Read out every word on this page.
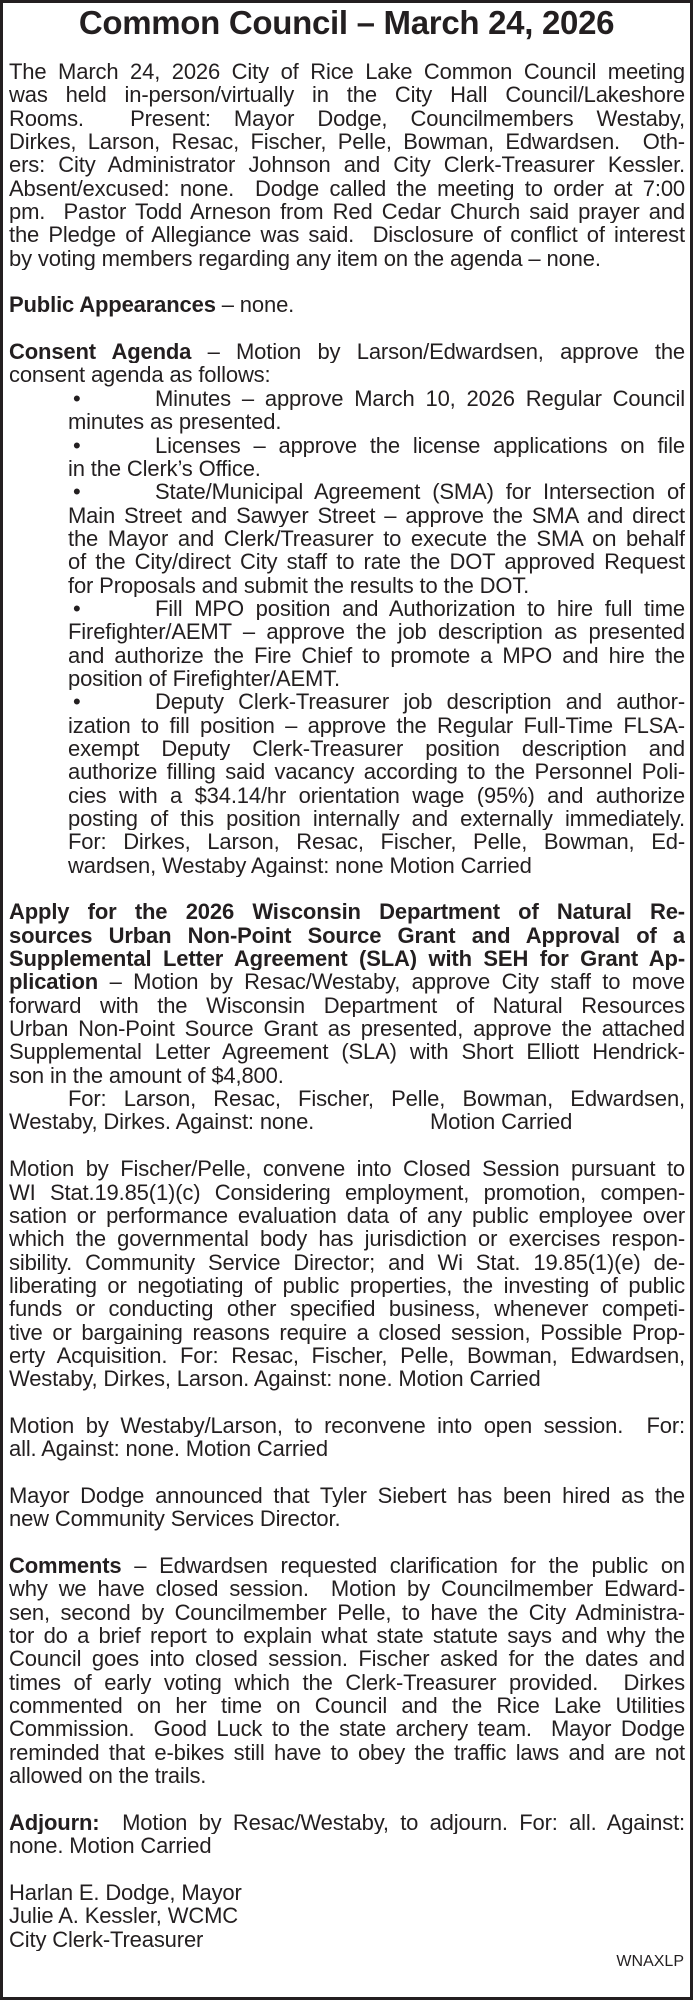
Common Council – March 24, 2026
The March 24, 2026 City of Rice Lake Common Council meeting
was held in-person/virtually in the City Hall Council/Lakeshore
Rooms.  Present: Mayor Dodge, Councilmembers Westaby,
Dirkes, Larson, Resac, Fischer, Pelle, Bowman, Edwardsen.  Oth-
ers: City Administrator Johnson and City Clerk-Treasurer Kessler.
Absent/excused: none.  Dodge called the meeting to order at 7:00
pm.  Pastor Todd Arneson from Red Cedar Church said prayer and
the Pledge of Allegiance was said.  Disclosure of conflict of interest
by voting members regarding any item on the agenda – none.
Public Appearances – none.
Consent Agenda – Motion by Larson/Edwardsen, approve the
consent agenda as follows:
•	Minutes – approve March 10, 2026 Regular Council
minutes as presented.
•	Licenses – approve the license applications on file
in the Clerk’s Office.
•	State/Municipal Agreement (SMA) for Intersection of
Main Street and Sawyer Street – approve the SMA and direct
the Mayor and Clerk/Treasurer to execute the SMA on behalf
of the City/direct City staff to rate the DOT approved Request
for Proposals and submit the results to the DOT.
•	Fill MPO position and Authorization to hire full time
Firefighter/AEMT – approve the job description as presented
and authorize the Fire Chief to promote a MPO and hire the
position of Firefighter/AEMT.
•	Deputy Clerk-Treasurer job description and author-
ization to fill position – approve the Regular Full-Time FLSA-
exempt Deputy Clerk-Treasurer position description and
authorize filling said vacancy according to the Personnel Poli-
cies with a $34.14/hr orientation wage (95%) and authorize
posting of this position internally and externally immediately.
For: Dirkes, Larson, Resac, Fischer, Pelle, Bowman, Ed-
wardsen, Westaby Against: none Motion Carried
Apply for the 2026 Wisconsin Department of Natural Re-
sources Urban Non-Point Source Grant and Approval of a
Supplemental Letter Agreement (SLA) with SEH for Grant Ap-
plication – Motion by Resac/Westaby, approve City staff to move
forward with the Wisconsin Department of Natural Resources
Urban Non-Point Source Grant as presented, approve the attached
Supplemental Letter Agreement (SLA) with Short Elliott Hendrick-
son in the amount of $4,800.
For: Larson, Resac, Fischer, Pelle, Bowman, Edwardsen,
Westaby, Dirkes. Against: none.	Motion Carried
Motion by Fischer/Pelle, convene into Closed Session pursuant to
WI Stat.19.85(1)(c) Considering employment, promotion, compen-
sation or performance evaluation data of any public employee over
which the governmental body has jurisdiction or exercises respon-
sibility. Community Service Director; and Wi Stat. 19.85(1)(e) de-
liberating or negotiating of public properties, the investing of public
funds or conducting other specified business, whenever competi-
tive or bargaining reasons require a closed session, Possible Prop-
erty Acquisition. For: Resac, Fischer, Pelle, Bowman, Edwardsen,
Westaby, Dirkes, Larson. Against: none. Motion Carried
Motion by Westaby/Larson, to reconvene into open session.  For:
all. Against: none. Motion Carried
Mayor Dodge announced that Tyler Siebert has been hired as the
new Community Services Director.
Comments – Edwardsen requested clarification for the public on
why we have closed session.  Motion by Councilmember Edward-
sen, second by Councilmember Pelle, to have the City Administra-
tor do a brief report to explain what state statute says and why the
Council goes into closed session. Fischer asked for the dates and
times of early voting which the Clerk-Treasurer provided.  Dirkes
commented on her time on Council and the Rice Lake Utilities
Commission.  Good Luck to the state archery team.  Mayor Dodge
reminded that e-bikes still have to obey the traffic laws and are not
allowed on the trails.
Adjourn:  Motion by Resac/Westaby, to adjourn. For: all. Against:
none. Motion Carried
Harlan E. Dodge, Mayor
Julie A. Kessler, WCMC
City Clerk-Treasurer
WNAXLP
